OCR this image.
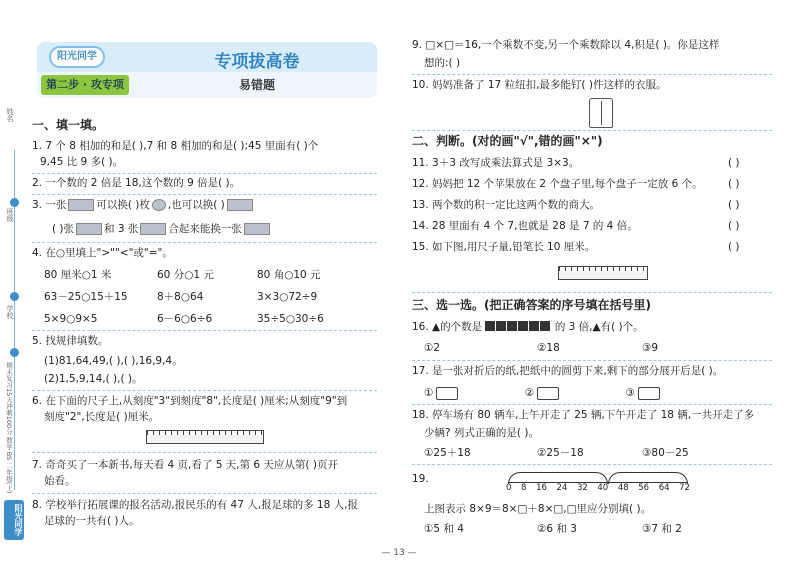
姓名
班级
学校
期末复习15天冲刺100分 数学 BS 二年级(上)
阳光同学
阳光同学	专项拔高卷
第二步 · 攻专项	易错题
一、填一填。
1. 7 个 8 相加的和是( ),7 和 8 相加的和是( );45 里面有( )个
9,45 比 9 多( )。
2. 一个数的 2 倍是 18,这个数的 9 倍是( )。
3. 一张	可以换( )枚 ,也可以换( )
( )张	和 3 张	合起来能换一张
4. 在○里填上">""<"或"="。
80 厘米○1 米	60 分○1 元	80 角○10 元
63－25○15＋15	8＋8○64	3×3○72÷9
5×9○9×5	6－6○6÷6	35÷5○30÷6
5. 找规律填数。
(1)81,64,49,( ),( ),16,9,4。
(2)1,5,9,14,( ),( )。
6. 在下面的尺子上,从刻度"3"到刻度"8",长度是( )厘米;从刻度"9"到
刻度"2",长度是( )厘米。
7. 奇奇买了一本新书,每天看 4 页,看了 5 天,第 6 天应从第( )页开
始看。
8. 学校举行拓展课的报名活动,报民乐的有 47 人,报足球的多 18 人,报
足球的一共有( )人。
9. □×□＝16,一个乘数不变,另一个乘数除以 4,积是( )。你是这样
想的:( )
10. 妈妈准备了 17 粒纽扣,最多能钉( )件这样的衣服。
二、判断。(对的画"√",错的画"×")
11. 3＋3 改写成乘法算式是 3×3。	( )
12. 妈妈把 12 个苹果放在 2 个盘子里,每个盘子一定放 6 个。 ( )
13. 两个数的积一定比这两个数的商大。	( )
14. 28 里面有 4 个 7,也就是 28 是 7 的 4 倍。	( )
15. 如下图,用尺子量,铅笔长 10 厘米。	( )
三、选一选。(把正确答案的序号填在括号里)
16. ▲的个数是	的 3 倍,▲有( )个。
①2	②18	③9
17. 是一张对折后的纸,把纸中的圆剪下来,剩下的部分展开后是( )。
①	②	③
18. 停车场有 80 辆车,上午开走了 25 辆,下午开走了 18 辆,一共开走了多
少辆? 列式正确的是( )。
①25＋18	②25－18	③80－25
19.
上图表示 8×9＝8×□＋8×□,□里应分别填( )。
①5 和 4	②6 和 3	③7 和 2
0 8 16 24 32 40 48 56 64 72
— 13 —
